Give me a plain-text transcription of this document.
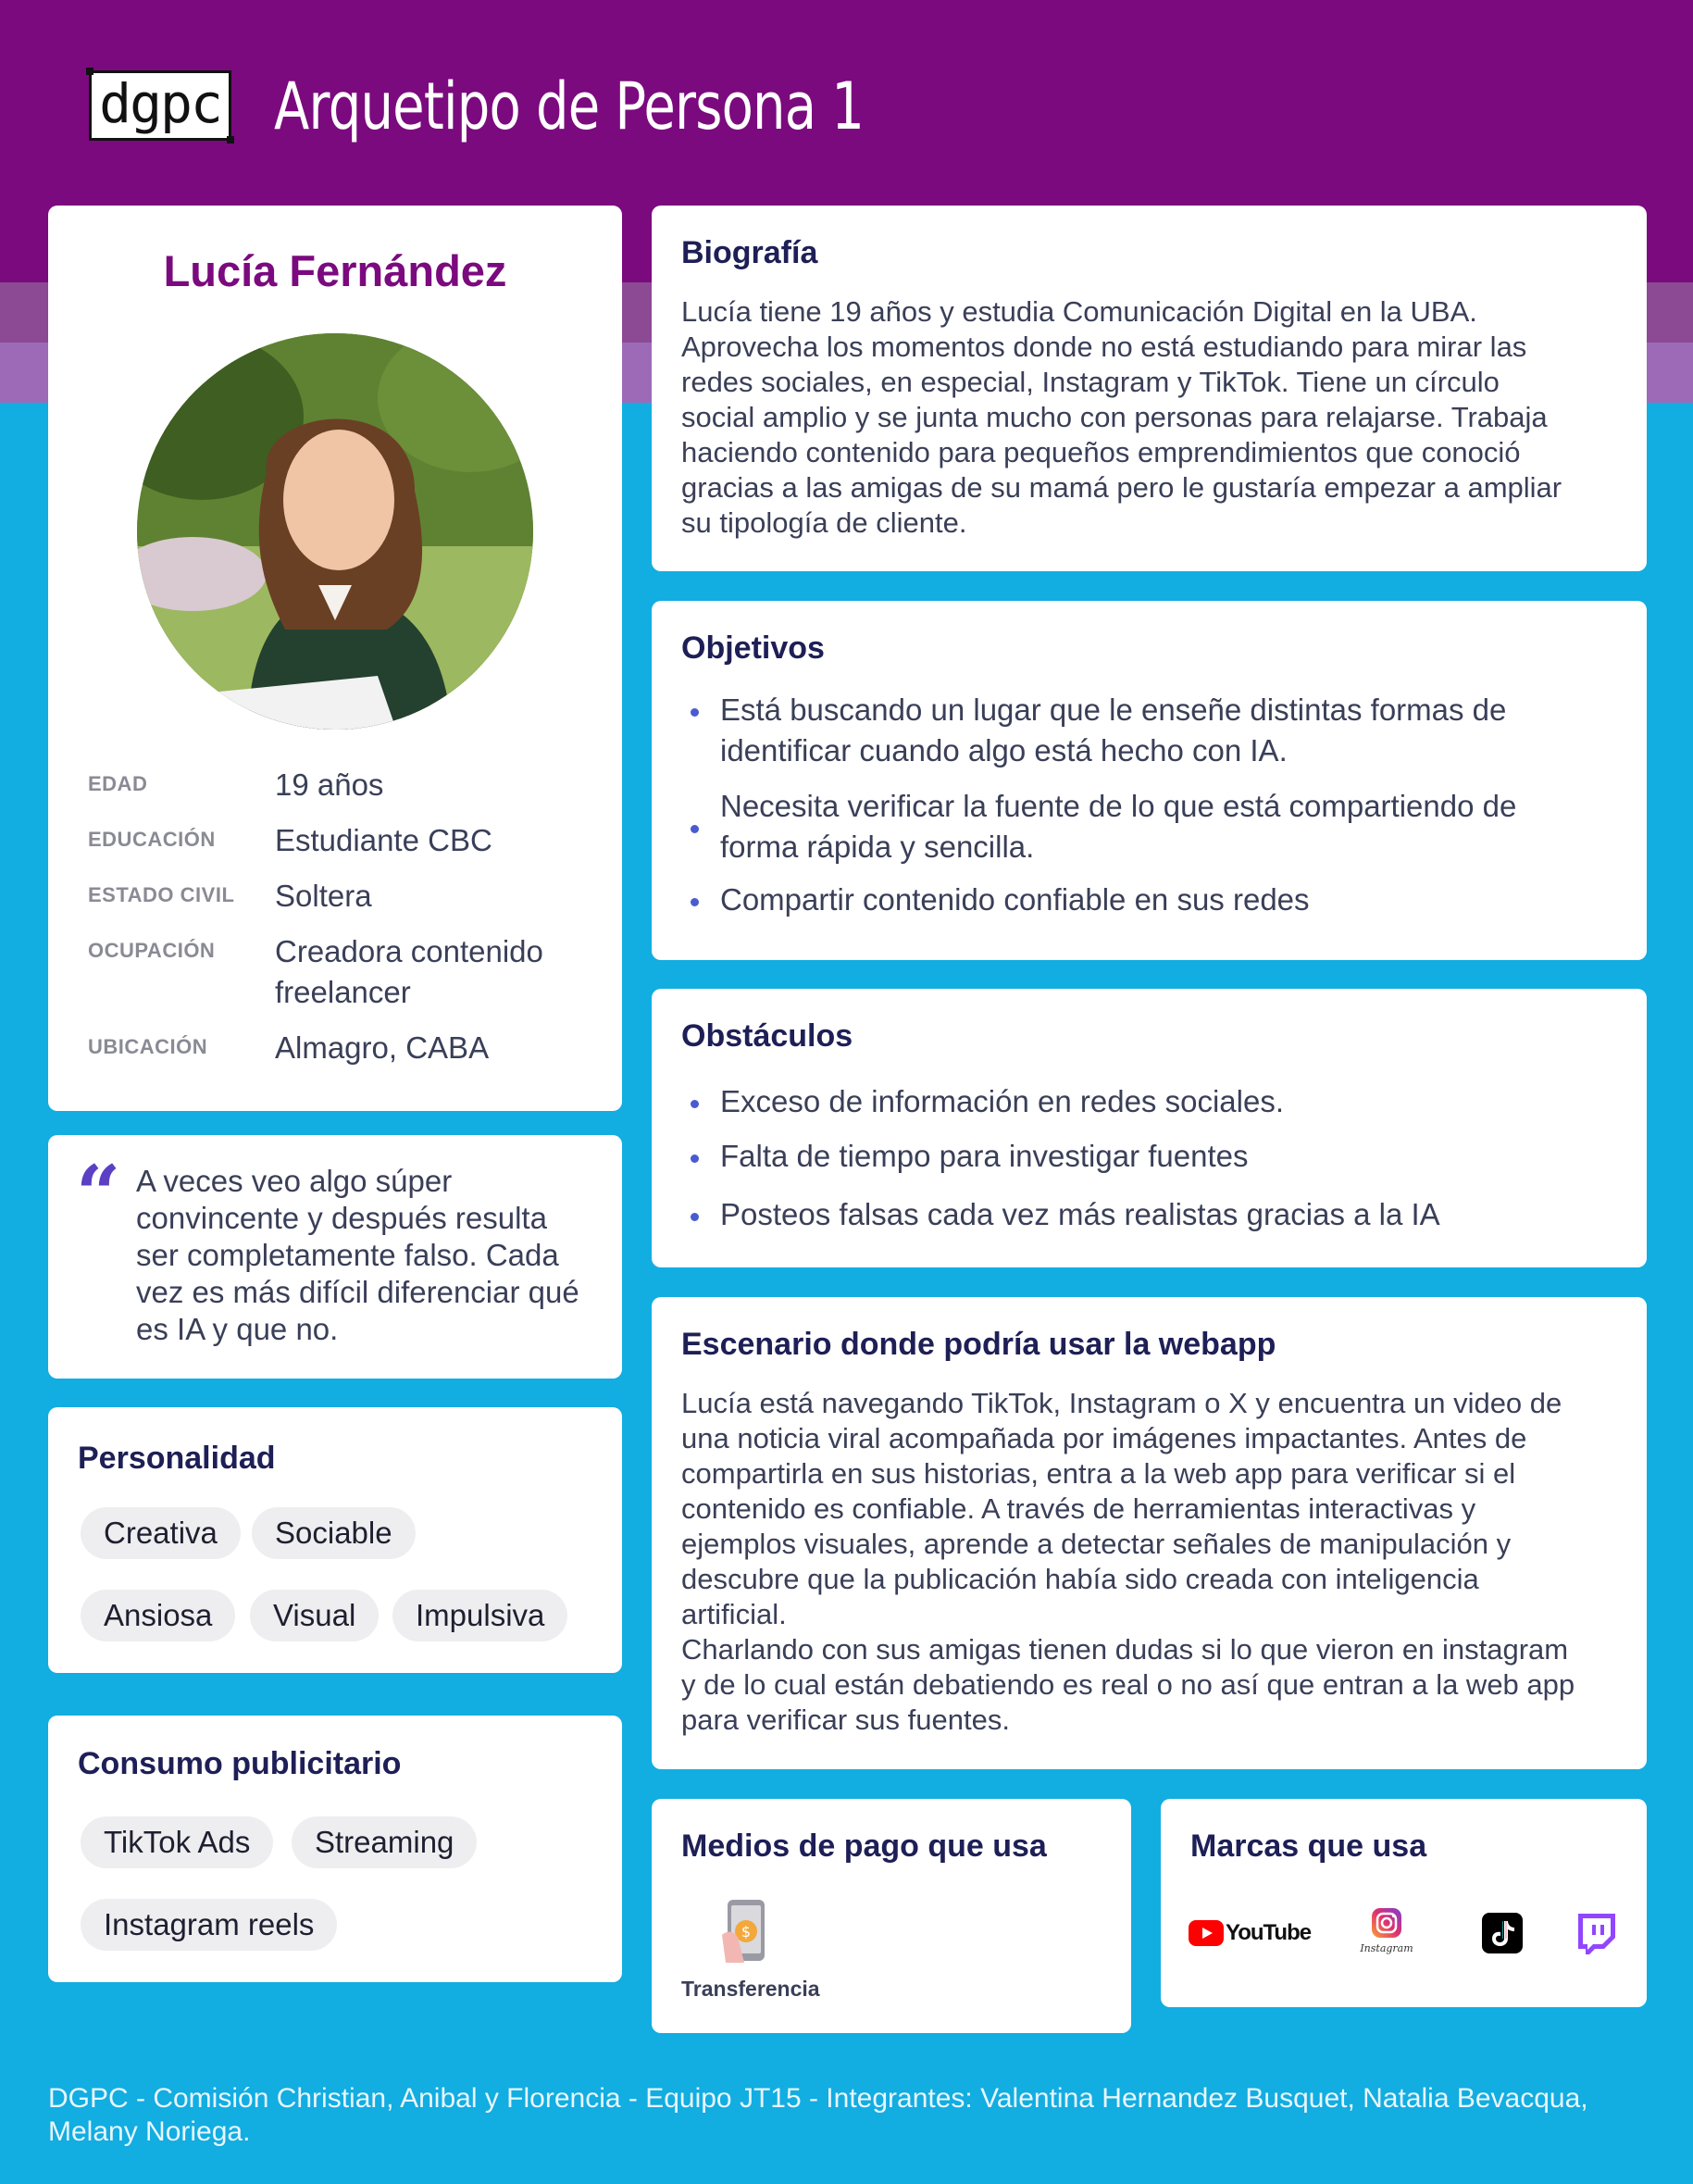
dgpc Arquetipo de Persona 1
Lucía Fernández
EDAD	19 años
EDUCACIÓN Estudiante CBC
ESTADO CIVIL Soltera
OCUPACIÓN Creadora contenido freelancer
UBICACIÓN Almagro, CABA
“ A veces veo algo súper convincente y después resulta ser completamente falso. Cada vez es más difícil diferenciar qué es IA y que no.
Personalidad
Creativa	Sociable
Ansiosa	Visual	Impulsiva
Consumo publicitario
TikTok Ads	Streaming
Instagram reels
Biografía
Lucía tiene 19 años y estudia Comunicación Digital en la UBA. Aprovecha los momentos donde no está estudiando para mirar las redes sociales, en especial, Instagram y TikTok. Tiene un círculo social amplio y se junta mucho con personas para relajarse. Trabaja haciendo contenido para pequeños emprendimientos que conoció gracias a las amigas de su mamá pero le gustaría empezar a ampliar su tipología de cliente.
Objetivos
Está buscando un lugar que le enseñe distintas formas de identificar cuando algo está hecho con IA.
Necesita verificar la fuente de lo que está compartiendo de forma rápida y sencilla.
Compartir contenido confiable en sus redes
Obstáculos
Exceso de información en redes sociales.
Falta de tiempo para investigar fuentes
Posteos falsas cada vez más realistas gracias a la IA
Escenario donde podría usar la webapp
Lucía está navegando TikTok, Instagram o X y encuentra un video de una noticia viral acompañada por imágenes impactantes. Antes de compartirla en sus historias, entra a la web app para verificar si el contenido es confiable. A través de herramientas interactivas y ejemplos visuales, aprende a detectar señales de manipulación y descubre que la publicación había sido creada con inteligencia artificial.
Charlando con sus amigas tienen dudas si lo que vieron en instagram y de lo cual están debatiendo es real o no así que entran a la web app para verificar sus fuentes.
Medios de pago que usa
$
Transferencia
Marcas que usa
YouTube
Instagram
DGPC - Comisión Christian, Anibal y Florencia - Equipo JT15 - Integrantes: Valentina Hernandez Busquet, Natalia Bevacqua, Melany Noriega.
